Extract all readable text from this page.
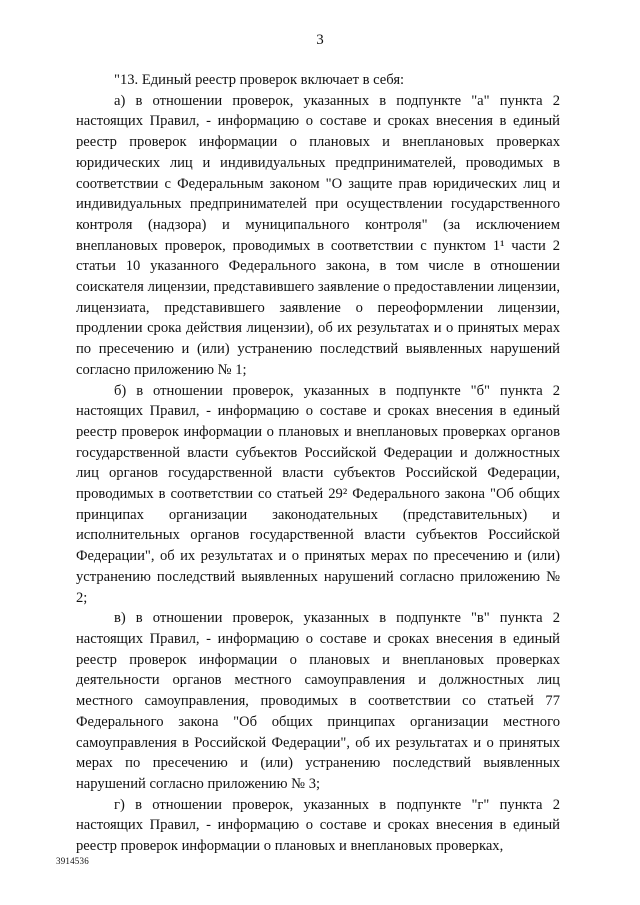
3

"13. Единый реестр проверок включает в себя:

а) в отношении проверок, указанных в подпункте "а" пункта 2 настоящих Правил, - информацию о составе и сроках внесения в единый реестр проверок информации о плановых и внеплановых проверках юридических лиц и индивидуальных предпринимателей, проводимых в соответствии с Федеральным законом "О защите прав юридических лиц и индивидуальных предпринимателей при осуществлении государственного контроля (надзора) и муниципального контроля" (за исключением внеплановых проверок, проводимых в соответствии с пунктом 1¹ части 2 статьи 10 указанного Федерального закона, в том числе в отношении соискателя лицензии, представившего заявление о предоставлении лицензии, лицензиата, представившего заявление о переоформлении лицензии, продлении срока действия лицензии), об их результатах и о принятых мерах по пресечению и (или) устранению последствий выявленных нарушений согласно приложению № 1;

б) в отношении проверок, указанных в подпункте "б" пункта 2 настоящих Правил, - информацию о составе и сроках внесения в единый реестр проверок информации о плановых и внеплановых проверках органов государственной власти субъектов Российской Федерации и должностных лиц органов государственной власти субъектов Российской Федерации, проводимых в соответствии со статьей 29² Федерального закона "Об общих принципах организации законодательных (представительных) и исполнительных органов государственной власти субъектов Российской Федерации", об их результатах и о принятых мерах по пресечению и (или) устранению последствий выявленных нарушений согласно приложению № 2;

в) в отношении проверок, указанных в подпункте "в" пункта 2 настоящих Правил, - информацию о составе и сроках внесения в единый реестр проверок информации о плановых и внеплановых проверках деятельности органов местного самоуправления и должностных лиц местного самоуправления, проводимых в соответствии со статьей 77 Федерального закона "Об общих принципах организации местного самоуправления в Российской Федерации", об их результатах и о принятых мерах по пресечению и (или) устранению последствий выявленных нарушений согласно приложению № 3;

г) в отношении проверок, указанных в подпункте "г" пункта 2 настоящих Правил, - информацию о составе и сроках внесения в единый реестр проверок информации о плановых и внеплановых проверках,

3914536
